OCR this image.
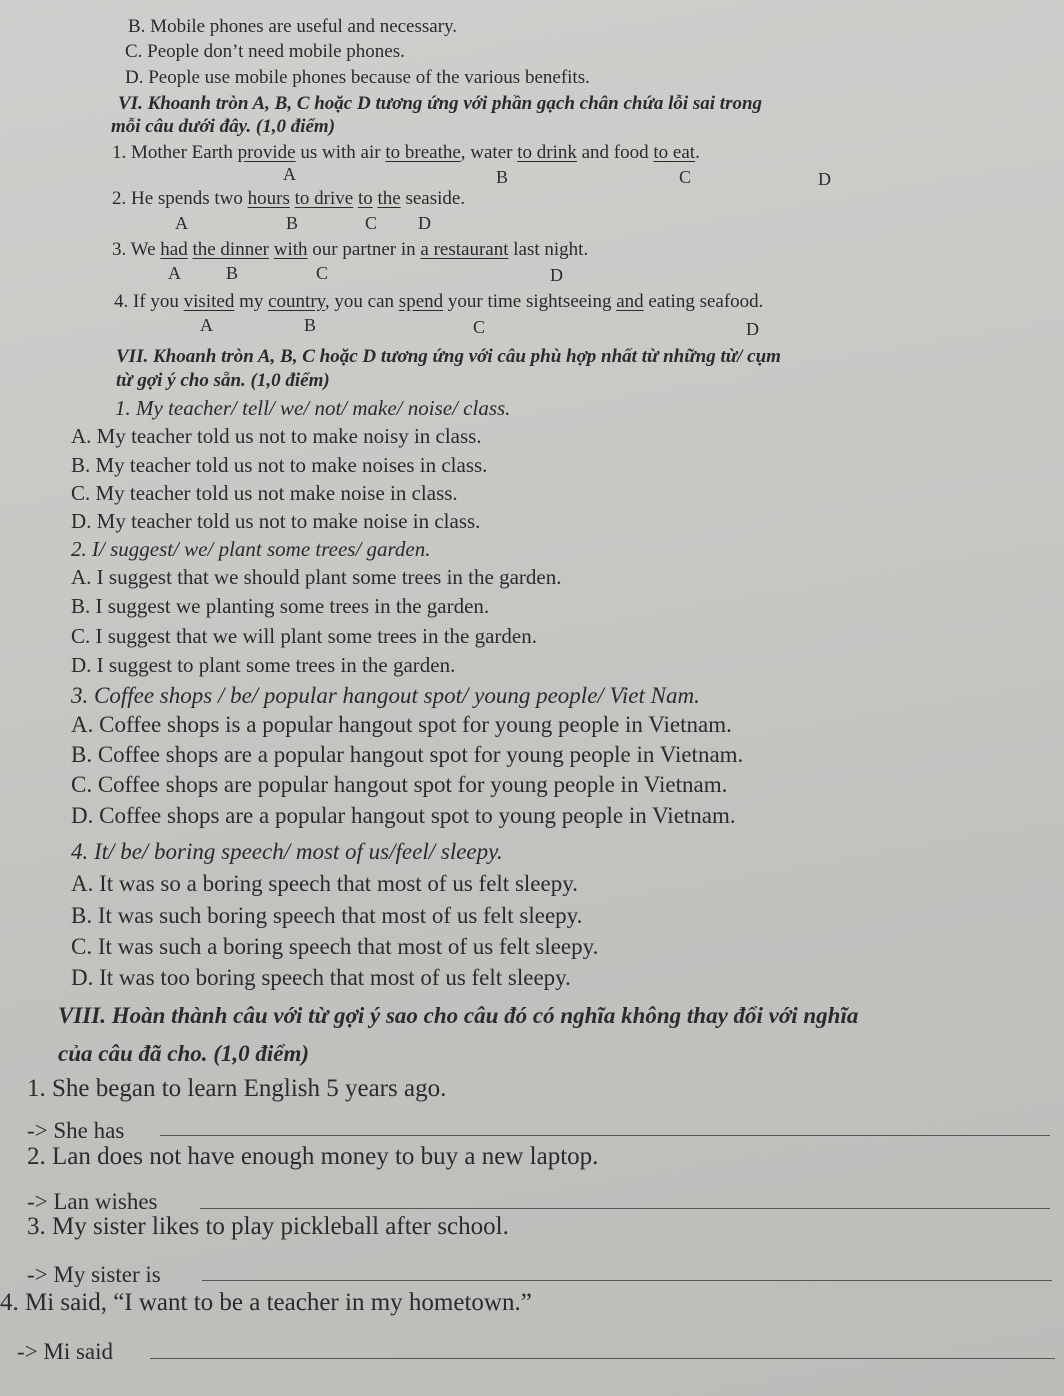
B. Mobile phones are useful and necessary.
C. People don’t need mobile phones.
D. People use mobile phones because of the various benefits.
VI. Khoanh tròn A, B, C hoặc D tương ứng với phần gạch chân chứa lỗi sai trong
mỗi câu dưới đây. (1,0 điểm)
1. Mother Earth provide us with air to breathe, water to drink and food to eat.
A	B	C	D
2. He spends two hours to drive to the seaside.
A	B	C D
3. We had the dinner with our partner in a restaurant last night.
A	B	C	D
4. If you visited my country, you can spend your time sightseeing and eating seafood.
A	B	C	D
VII. Khoanh tròn A, B, C hoặc D tương ứng với câu phù hợp nhất từ những từ/ cụm
từ gợi ý cho sẵn. (1,0 điểm)
1. My teacher/ tell/ we/ not/ make/ noise/ class.
A. My teacher told us not to make noisy in class.
B. My teacher told us not to make noises in class.
C. My teacher told us not make noise in class.
D. My teacher told us not to make noise in class.
2. I/ suggest/ we/ plant some trees/ garden.
A. I suggest that we should plant some trees in the garden.
B. I suggest we planting some trees in the garden.
C. I suggest that we will plant some trees in the garden.
D. I suggest to plant some trees in the garden.
3. Coffee shops / be/ popular hangout spot/ young people/ Viet Nam.
A. Coffee shops is a popular hangout spot for young people in Vietnam.
B. Coffee shops are a popular hangout spot for young people in Vietnam.
C. Coffee shops are popular hangout spot for young people in Vietnam.
D. Coffee shops are a popular hangout spot to young people in Vietnam.
4. It/ be/ boring speech/ most of us/feel/ sleepy.
A. It was so a boring speech that most of us felt sleepy.
B. It was such boring speech that most of us felt sleepy.
C. It was such a boring speech that most of us felt sleepy.
D. It was too boring speech that most of us felt sleepy.
VIII. Hoàn thành câu với từ gợi ý sao cho câu đó có nghĩa không thay đổi với nghĩa
của câu đã cho. (1,0 điểm)
1. She began to learn English 5 years ago.
-> She has
2. Lan does not have enough money to buy a new laptop.
-> Lan wishes
3. My sister likes to play pickleball after school.
-> My sister is
4. Mi said, “I want to be a teacher in my hometown.”
-> Mi said
